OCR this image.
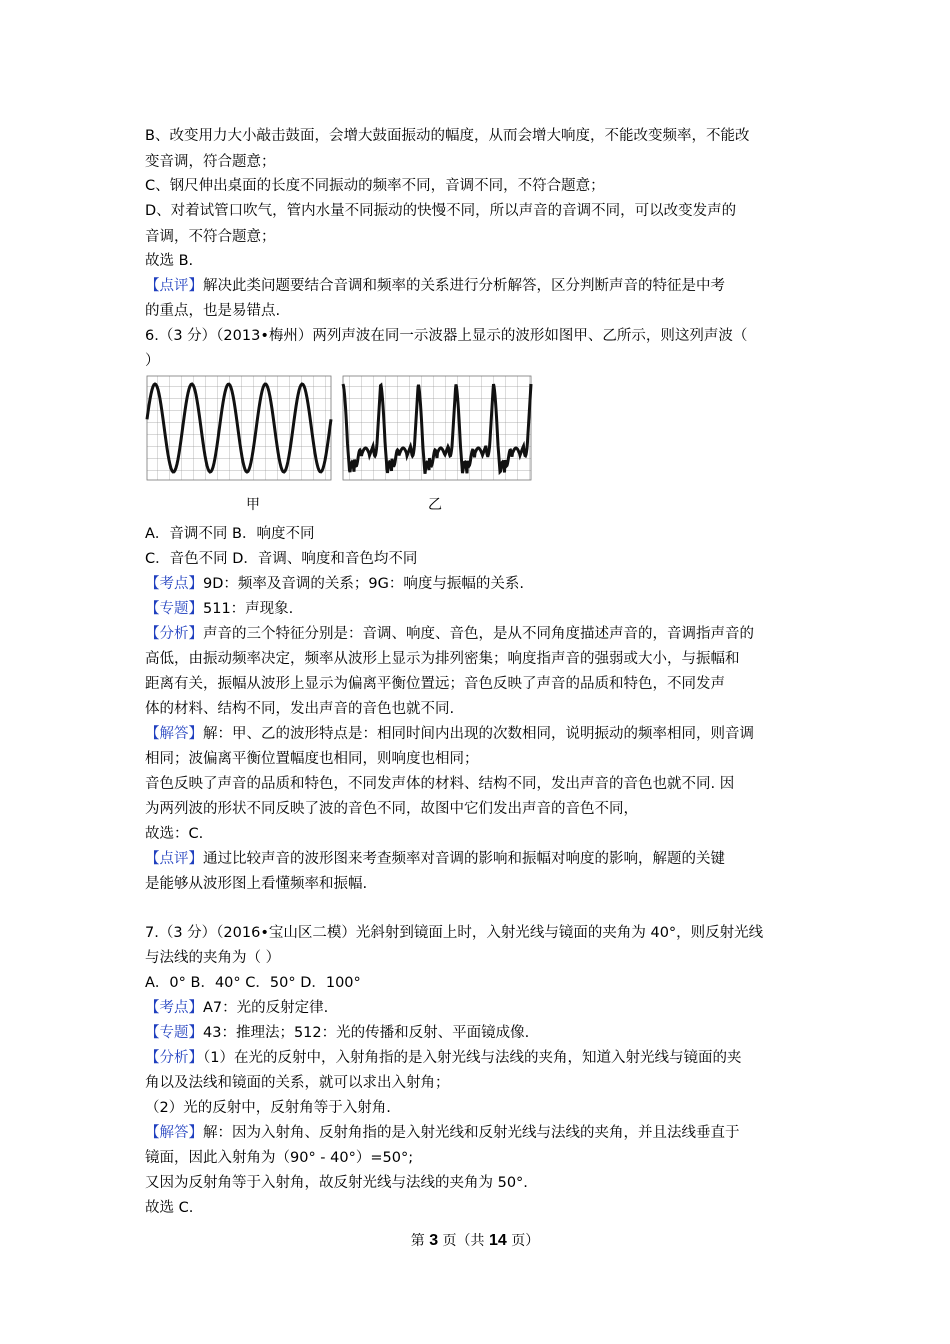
B、改变用力大小敲击鼓面，会增大鼓面振动的幅度，从而会增大响度，不能改变频率，不能改
变音调，符合题意；
C、钢尺伸出桌面的长度不同振动的频率不同，音调不同，不符合题意；
D、对着试管口吹气，管内水量不同振动的快慢不同，所以声音的音调不同，可以改变发声的
音调，不符合题意；
故选 B.
【点评】解决此类问题要结合音调和频率的关系进行分析解答，区分判断声音的特征是中考
的重点，也是易错点.
6.（3 分）（2013•梅州）两列声波在同一示波器上显示的波形如图甲、乙所示，则这列声波（
）
A．音调不同 B．响度不同
C．音色不同 D．音调、响度和音色均不同
【考点】9D：频率及音调的关系；9G：响度与振幅的关系.
【专题】511：声现象.
【分析】声音的三个特征分别是：音调、响度、音色，是从不同角度描述声音的，音调指声音的
高低，由振动频率决定，频率从波形上显示为排列密集；响度指声音的强弱或大小，与振幅和
距离有关，振幅从波形上显示为偏离平衡位置远；音色反映了声音的品质和特色，不同发声
体的材料、结构不同，发出声音的音色也就不同.
【解答】解：甲、乙的波形特点是：相同时间内出现的次数相同，说明振动的频率相同，则音调
相同；波偏离平衡位置幅度也相同，则响度也相同；
音色反映了声音的品质和特色，不同发声体的材料、结构不同，发出声音的音色也就不同. 因
为两列波的形状不同反映了波的音色不同，故图中它们发出声音的音色不同，
故选：C.
【点评】通过比较声音的波形图来考查频率对音调的影响和振幅对响度的影响，解题的关键
是能够从波形图上看懂频率和振幅.
7.（3 分）（2016•宝山区二模）光斜射到镜面上时，入射光线与镜面的夹角为 40°，则反射光线
与法线的夹角为（ ）
A．0° B．40° C．50° D．100°
【考点】A7：光的反射定律.
【专题】43：推理法；512：光的传播和反射、平面镜成像.
【分析】（1）在光的反射中，入射角指的是入射光线与法线的夹角，知道入射光线与镜面的夹
角以及法线和镜面的关系，就可以求出入射角；
（2）光的反射中，反射角等于入射角.
【解答】解：因为入射角、反射角指的是入射光线和反射光线与法线的夹角，并且法线垂直于
镜面，因此入射角为（90° - 40°）=50°;
又因为反射角等于入射角，故反射光线与法线的夹角为 50°.
故选 C.
甲	乙
第 3 页（共 14 页）
